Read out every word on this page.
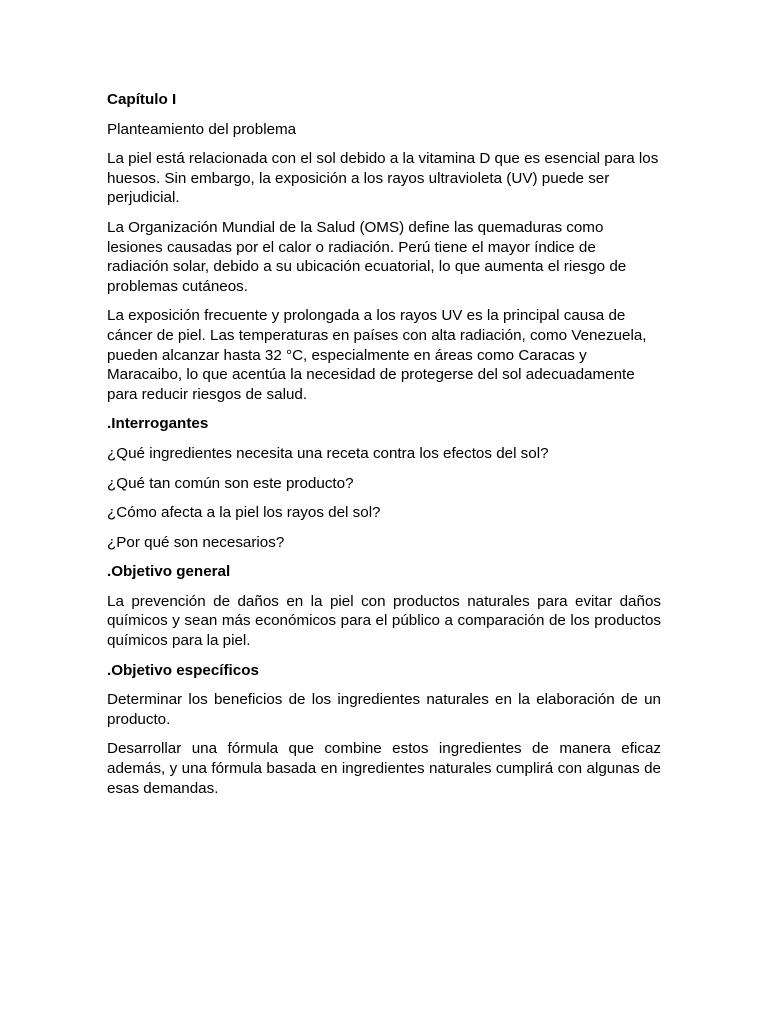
Capítulo I

Planteamiento del problema

La piel está relacionada con el sol debido a la vitamina D que es esencial para los huesos. Sin embargo, la exposición a los rayos ultravioleta (UV) puede ser perjudicial.

La Organización Mundial de la Salud (OMS) define las quemaduras como lesiones causadas por el calor o radiación. Perú tiene el mayor índice de radiación solar, debido a su ubicación ecuatorial, lo que aumenta el riesgo de problemas cutáneos.

La exposición frecuente y prolongada a los rayos UV es la principal causa de cáncer de piel. Las temperaturas en países con alta radiación, como Venezuela, pueden alcanzar hasta 32 °C, especialmente en áreas como Caracas y Maracaibo, lo que acentúa la necesidad de protegerse del sol adecuadamente para reducir riesgos de salud.

.Interrogantes

¿Qué ingredientes necesita una receta contra los efectos del sol?

¿Qué tan común son este producto?

¿Cómo afecta a la piel los rayos del sol?

¿Por qué son necesarios?

.Objetivo general

La prevención de daños en la piel con productos naturales para evitar daños químicos y sean más económicos para el público a comparación de los productos químicos para la piel.

.Objetivo específicos

Determinar los beneficios de los ingredientes naturales en la elaboración de un producto.

Desarrollar una fórmula que combine estos ingredientes de manera eficaz además, y una fórmula basada en ingredientes naturales cumplirá con algunas de esas demandas.
